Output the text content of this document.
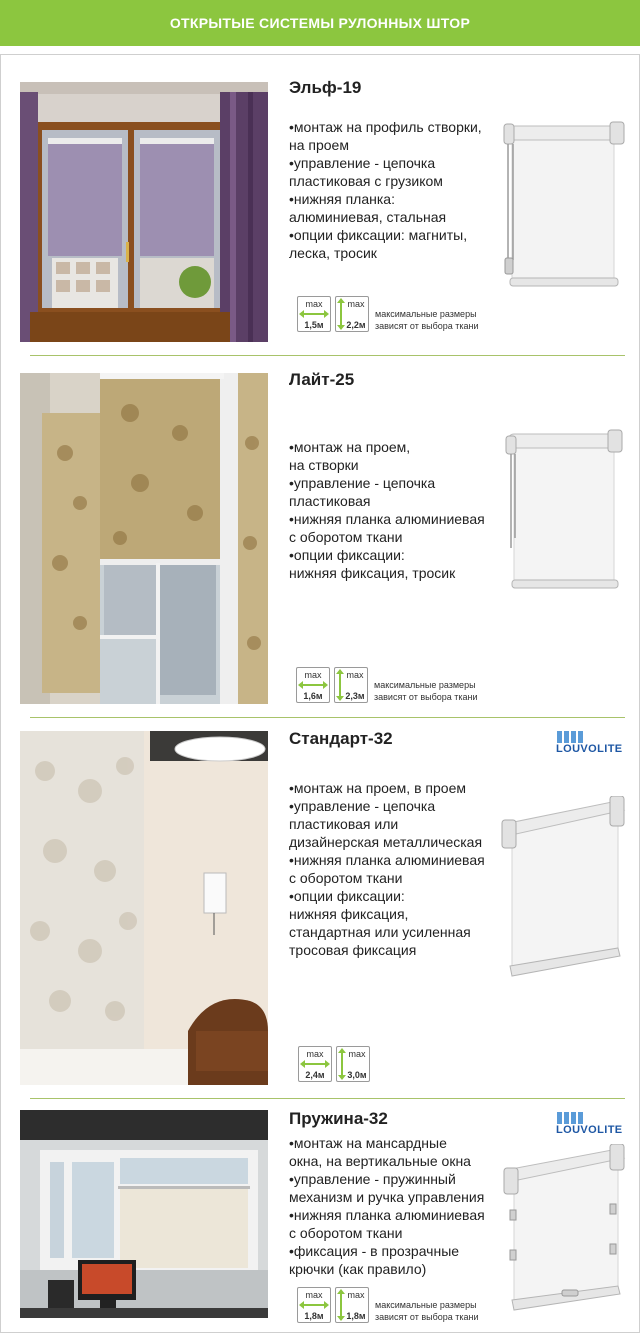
ОТКРЫТЫЕ СИСТЕМЫ РУЛОННЫХ ШТОР
Эльф-19
•монтаж на профиль створки,
на проем
•управление - цепочка
пластиковая с грузиком
•нижняя планка:
алюминиевая, стальная
•опции фиксации: магниты,
леска, тросик
max
1,5м
max
2,2м
максимальные размеры
зависят от выбора ткани
Лайт-25
•монтаж на проем,
на створки
•управление - цепочка
пластиковая
•нижняя планка алюминиевая
с оборотом ткани
•опции фиксации:
нижняя фиксация, тросик
max
1,6м
max
2,3м
максимальные размеры
зависят от выбора ткани
Стандарт-32
LOUVOLITE
•монтаж на проем, в проем
•управление - цепочка
пластиковая или
дизайнерская металлическая
•нижняя планка алюминиевая
с оборотом ткани
•опции фиксации:
нижняя фиксация,
стандартная или усиленная
тросовая фиксация
max
2,4м
max
3,0м
Пружина-32
LOUVOLITE
•монтаж на мансардные
окна, на вертикальные окна
•управление - пружинный
механизм и ручка управления
•нижняя планка алюминиевая
с оборотом ткани
•фиксация - в прозрачные
крючки (как правило)
max
1,8м
max
1,8м
максимальные размеры
зависят от выбора ткани
